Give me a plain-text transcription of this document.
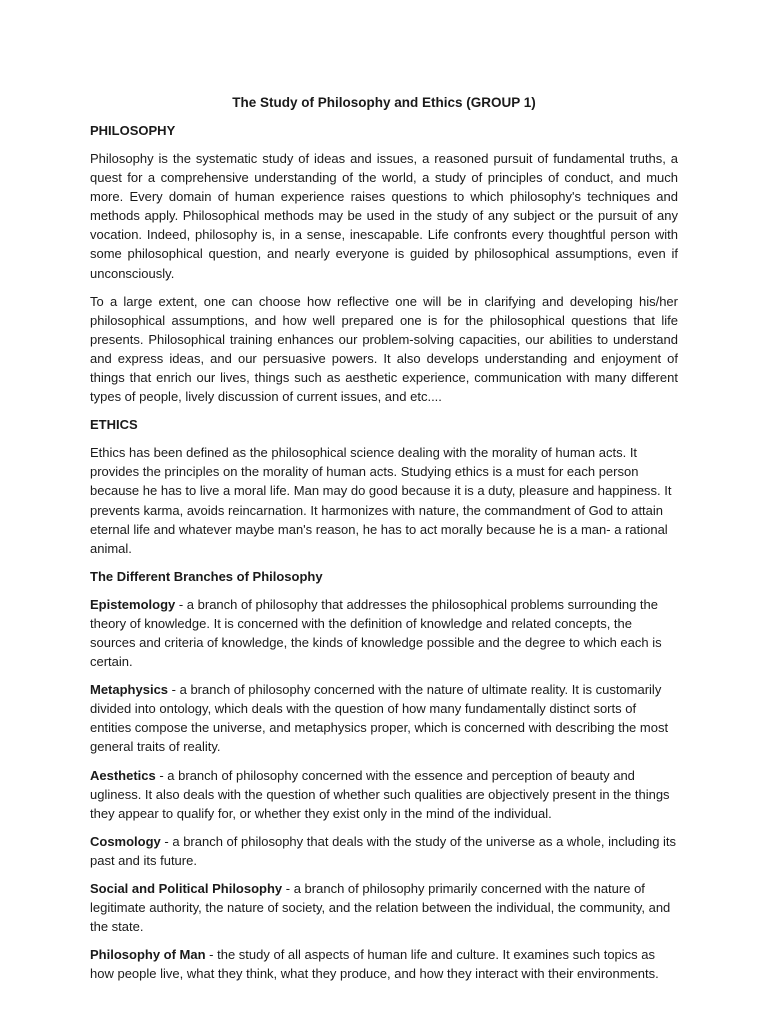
The Study of Philosophy and Ethics (GROUP 1)
PHILOSOPHY

Philosophy is the systematic study of ideas and issues, a reasoned pursuit of fundamental truths, a quest for a comprehensive understanding of the world, a study of principles of conduct, and much more. Every domain of human experience raises questions to which philosophy's techniques and methods apply. Philosophical methods may be used in the study of any subject or the pursuit of any vocation. Indeed, philosophy is, in a sense, inescapable. Life confronts every thoughtful person with some philosophical question, and nearly everyone is guided by philosophical assumptions, even if unconsciously.

To a large extent, one can choose how reflective one will be in clarifying and developing his/her philosophical assumptions, and how well prepared one is for the philosophical questions that life presents. Philosophical training enhances our problem-solving capacities, our abilities to understand and express ideas, and our persuasive powers. It also develops understanding and enjoyment of things that enrich our lives, things such as aesthetic experience, communication with many different types of people, lively discussion of current issues, and etc....

ETHICS

Ethics has been defined as the philosophical science dealing with the morality of human acts. It provides the principles on the morality of human acts. Studying ethics is a must for each person because he has to live a moral life. Man may do good because it is a duty, pleasure and happiness. It prevents karma, avoids reincarnation. It harmonizes with nature, the commandment of God to attain eternal life and whatever maybe man's reason, he has to act morally because he is a man- a rational animal.

The Different Branches of Philosophy

Epistemology - a branch of philosophy that addresses the philosophical problems surrounding the theory of knowledge. It is concerned with the definition of knowledge and related concepts, the sources and criteria of knowledge, the kinds of knowledge possible and the degree to which each is certain.

Metaphysics - a branch of philosophy concerned with the nature of ultimate reality. It is customarily divided into ontology, which deals with the question of how many fundamentally distinct sorts of entities compose the universe, and metaphysics proper, which is concerned with describing the most general traits of reality.

Aesthetics - a branch of philosophy concerned with the essence and perception of beauty and ugliness. It also deals with the question of whether such qualities are objectively present in the things they appear to qualify for, or whether they exist only in the mind of the individual.

Cosmology - a branch of philosophy that deals with the study of the universe as a whole, including its past and its future.

Social and Political Philosophy - a branch of philosophy primarily concerned with the nature of legitimate authority, the nature of society, and the relation between the individual, the community, and the state.

Philosophy of Man - the study of all aspects of human life and culture. It examines such topics as how people live, what they think, what they produce, and how they interact with their environments.
